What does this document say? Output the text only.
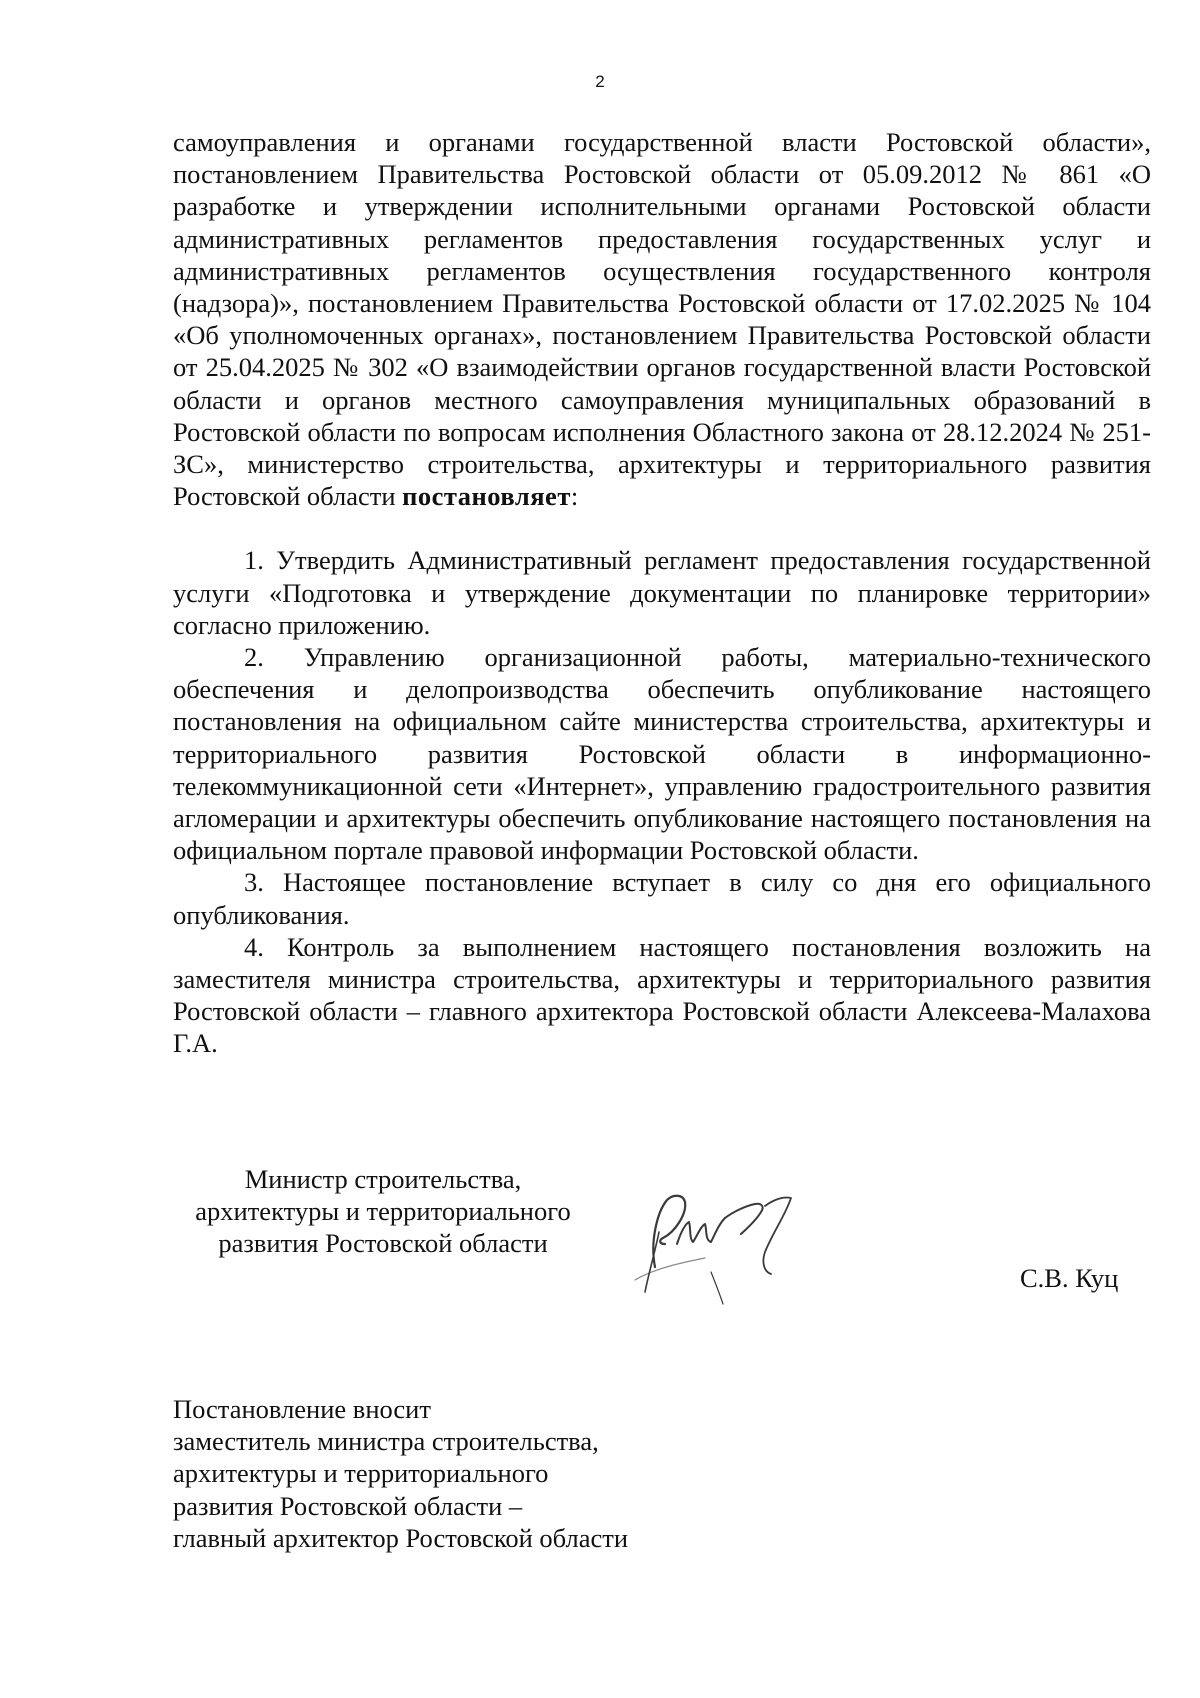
2

самоуправления и органами государственной власти Ростовской области», постановлением Правительства Ростовской области от 05.09.2012 № 861 «О разработке и утверждении исполнительными органами Ростовской области административных регламентов предоставления государственных услуг и административных регламентов осуществления государственного контроля (надзора)», постановлением Правительства Ростовской области от 17.02.2025 № 104 «Об уполномоченных органах», постановлением Правительства Ростовской области от 25.04.2025 № 302 «О взаимодействии органов государственной власти Ростовской области и органов местного самоуправления муниципальных образований в Ростовской области по вопросам исполнения Областного закона от 28.12.2024 № 251-ЗС», министерство строительства, архитектуры и территориального развития Ростовской области постановляет:

1. Утвердить Административный регламент предоставления государственной услуги «Подготовка и утверждение документации по планировке территории» согласно приложению.

2. Управлению организационной работы, материально-технического обеспечения и делопроизводства обеспечить опубликование настоящего постановления на официальном сайте министерства строительства, архитектуры и территориального развития Ростовской области в информационно-телекоммуникационной сети «Интернет», управлению градостроительного развития агломерации и архитектуры обеспечить опубликование настоящего постановления на официальном портале правовой информации Ростовской области.

3. Настоящее постановление вступает в силу со дня его официального опубликования.

4. Контроль за выполнением настоящего постановления возложить на заместителя министра строительства, архитектуры и территориального развития Ростовской области – главного архитектора Ростовской области Алексеева-Малахова Г.А.

Министр строительства,
архитектуры и территориального
развития Ростовской области
С.В. Куц
Постановление вносит
заместитель министра строительства,
архитектуры и территориального
развития Ростовской области –
главный архитектор Ростовской области
